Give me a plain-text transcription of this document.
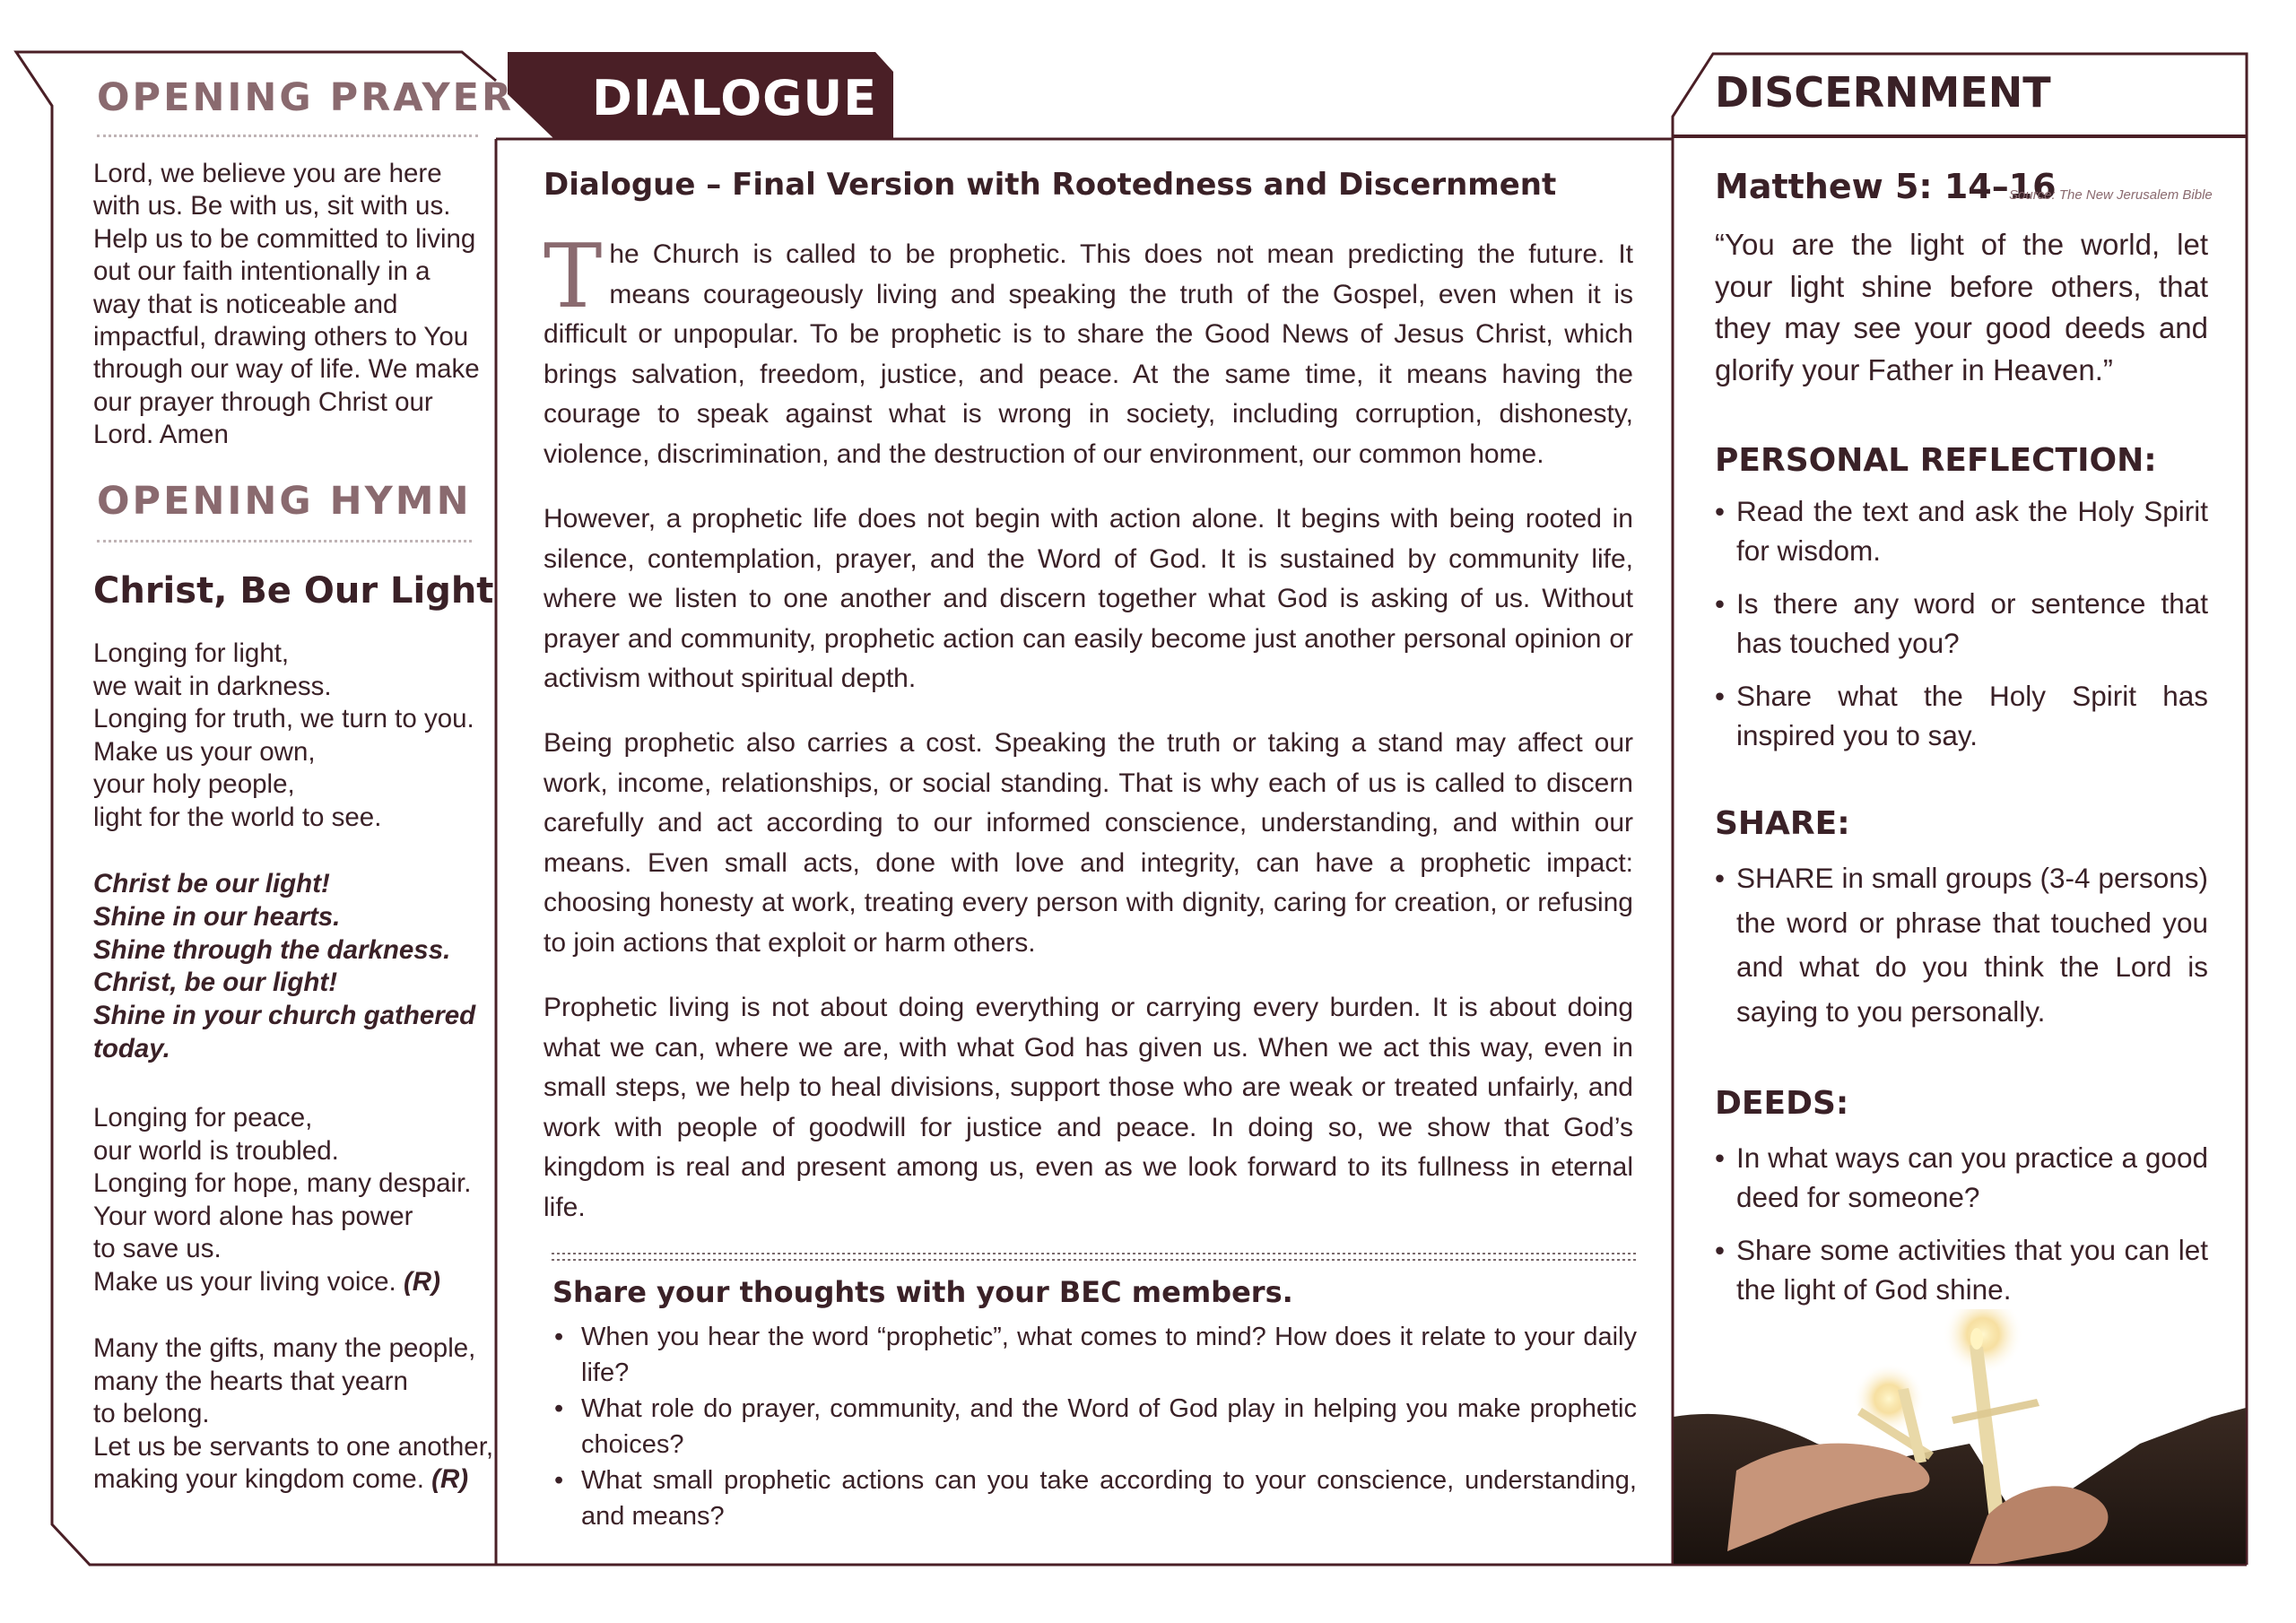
OPENING PRAYER
Lord, we believe you are here with us. Be with us, sit with us. Help us to be committed to living out our faith intentionally in a way that is noticeable and impactful, drawing others to You through our way of life. We make our prayer through Christ our Lord. Amen
OPENING HYMN
Christ, Be Our Light
Longing for light,
we wait in darkness.
Longing for truth, we turn to you.
Make us your own,
your holy people,
light for the world to see.
Christ be our light!
Shine in our hearts.
Shine through the darkness.
Christ, be our light!
Shine in your church gathered
today.
Longing for peace,
our world is troubled.
Longing for hope, many despair.
Your word alone has power
to save us.
Make us your living voice. (R)
Many the gifts, many the people,
many the hearts that yearn
to belong.
Let us be servants to one another,
making your kingdom come. (R)
DIALOGUE
Dialogue – Final Version with Rootedness and Discernment
The Church is called to be prophetic. This does not mean predicting the future. It means courageously living and speaking the truth of the Gospel, even when it is difficult or unpopular. To be prophetic is to share the Good News of Jesus Christ, which brings salvation, freedom, justice, and peace. At the same time, it means having the courage to speak against what is wrong in society, including corruption, dishonesty, violence, discrimination, and the destruction of our environment, our common home.
However, a prophetic life does not begin with action alone. It begins with being rooted in silence, contemplation, prayer, and the Word of God. It is sustained by community life, where we listen to one another and discern together what God is asking of us. Without prayer and community, prophetic action can easily become just another personal opinion or activism without spiritual depth.
Being prophetic also carries a cost. Speaking the truth or taking a stand may affect our work, income, relationships, or social standing. That is why each of us is called to discern carefully and act according to our informed conscience, understanding, and within our means. Even small acts, done with love and integrity, can have a prophetic impact: choosing honesty at work, treating every person with dignity, caring for creation, or refusing to join actions that exploit or harm others.
Prophetic living is not about doing everything or carrying every burden. It is about doing what we can, where we are, with what God has given us. When we act this way, even in small steps, we help to heal divisions, support those who are weak or treated unfairly, and work with people of goodwill for justice and peace. In doing so, we show that God’s kingdom is real and present among us, even as we look forward to its fullness in eternal life.
Share your thoughts with your BEC members.
• When you hear the word “prophetic”, what comes to mind? How does it relate to your daily life?
• What role do prayer, community, and the Word of God play in helping you make prophetic choices?
• What small prophetic actions can you take according to your conscience, understanding, and means?
DISCERNMENT
Matthew 5: 14–16
Source: The New Jerusalem Bible
“You are the light of the world, let your light shine before others, that they may see your good deeds and glorify your Father in Heaven.”
PERSONAL REFLECTION:
• Read the text and ask the Holy Spirit for wisdom.
• Is there any word or sentence that has touched you?
• Share what the Holy Spirit has inspired you to say.
SHARE:
• SHARE in small groups (3-4 persons) the word or phrase that touched you and what do you think the Lord is saying to you personally.
DEEDS:
• In what ways can you practice a good deed for someone?
• Share some activities that you can let the light of God shine.
